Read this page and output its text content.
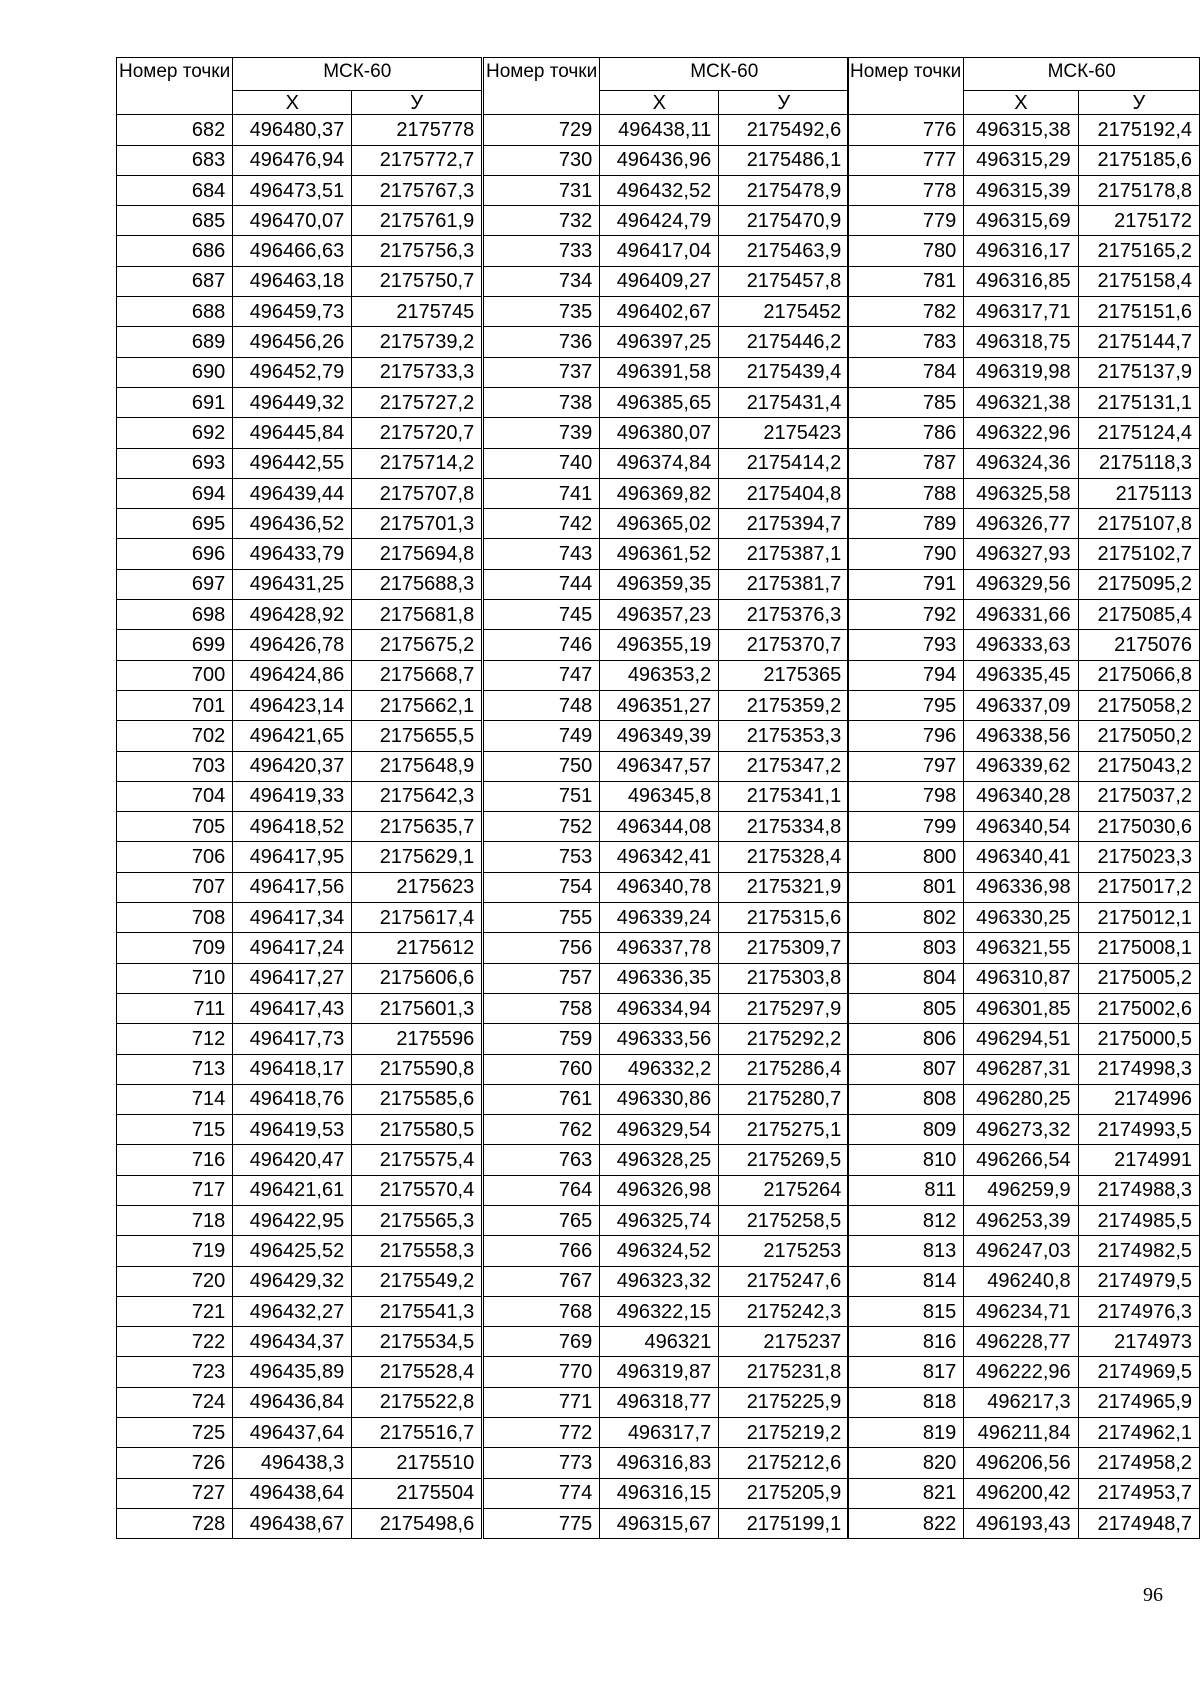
Номер точки	МСК-60	
	Х	У
682	496480,37	2175778
683	496476,94	2175772,7
684	496473,51	2175767,3
685	496470,07	2175761,9
686	496466,63	2175756,3
687	496463,18	2175750,7
688	496459,73	2175745
689	496456,26	2175739,2
690	496452,79	2175733,3
691	496449,32	2175727,2
692	496445,84	2175720,7
693	496442,55	2175714,2
694	496439,44	2175707,8
695	496436,52	2175701,3
696	496433,79	2175694,8
697	496431,25	2175688,3
698	496428,92	2175681,8
699	496426,78	2175675,2
700	496424,86	2175668,7
701	496423,14	2175662,1
702	496421,65	2175655,5
703	496420,37	2175648,9
704	496419,33	2175642,3
705	496418,52	2175635,7
706	496417,95	2175629,1
707	496417,56	2175623
708	496417,34	2175617,4
709	496417,24	2175612
710	496417,27	2175606,6
711	496417,43	2175601,3
712	496417,73	2175596
713	496418,17	2175590,8
714	496418,76	2175585,6
715	496419,53	2175580,5
716	496420,47	2175575,4
717	496421,61	2175570,4
718	496422,95	2175565,3
719	496425,52	2175558,3
720	496429,32	2175549,2
721	496432,27	2175541,3
722	496434,37	2175534,5
723	496435,89	2175528,4
724	496436,84	2175522,8
725	496437,64	2175516,7
726	496438,3	2175510
727	496438,64	2175504
728	496438,67	2175498,6
Номер точки	МСК-60	
	Х	У
729	496438,11	2175492,6
730	496436,96	2175486,1
731	496432,52	2175478,9
732	496424,79	2175470,9
733	496417,04	2175463,9
734	496409,27	2175457,8
735	496402,67	2175452
736	496397,25	2175446,2
737	496391,58	2175439,4
738	496385,65	2175431,4
739	496380,07	2175423
740	496374,84	2175414,2
741	496369,82	2175404,8
742	496365,02	2175394,7
743	496361,52	2175387,1
744	496359,35	2175381,7
745	496357,23	2175376,3
746	496355,19	2175370,7
747	496353,2	2175365
748	496351,27	2175359,2
749	496349,39	2175353,3
750	496347,57	2175347,2
751	496345,8	2175341,1
752	496344,08	2175334,8
753	496342,41	2175328,4
754	496340,78	2175321,9
755	496339,24	2175315,6
756	496337,78	2175309,7
757	496336,35	2175303,8
758	496334,94	2175297,9
759	496333,56	2175292,2
760	496332,2	2175286,4
761	496330,86	2175280,7
762	496329,54	2175275,1
763	496328,25	2175269,5
764	496326,98	2175264
765	496325,74	2175258,5
766	496324,52	2175253
767	496323,32	2175247,6
768	496322,15	2175242,3
769	496321	2175237
770	496319,87	2175231,8
771	496318,77	2175225,9
772	496317,7	2175219,2
773	496316,83	2175212,6
774	496316,15	2175205,9
775	496315,67	2175199,1
Номер точки	МСК-60	
	Х	У
776	496315,38	2175192,4
777	496315,29	2175185,6
778	496315,39	2175178,8
779	496315,69	2175172
780	496316,17	2175165,2
781	496316,85	2175158,4
782	496317,71	2175151,6
783	496318,75	2175144,7
784	496319,98	2175137,9
785	496321,38	2175131,1
786	496322,96	2175124,4
787	496324,36	2175118,3
788	496325,58	2175113
789	496326,77	2175107,8
790	496327,93	2175102,7
791	496329,56	2175095,2
792	496331,66	2175085,4
793	496333,63	2175076
794	496335,45	2175066,8
795	496337,09	2175058,2
796	496338,56	2175050,2
797	496339,62	2175043,2
798	496340,28	2175037,2
799	496340,54	2175030,6
800	496340,41	2175023,3
801	496336,98	2175017,2
802	496330,25	2175012,1
803	496321,55	2175008,1
804	496310,87	2175005,2
805	496301,85	2175002,6
806	496294,51	2175000,5
807	496287,31	2174998,3
808	496280,25	2174996
809	496273,32	2174993,5
810	496266,54	2174991
811	496259,9	2174988,3
812	496253,39	2174985,5
813	496247,03	2174982,5
814	496240,8	2174979,5
815	496234,71	2174976,3
816	496228,77	2174973
817	496222,96	2174969,5
818	496217,3	2174965,9
819	496211,84	2174962,1
820	496206,56	2174958,2
821	496200,42	2174953,7
822	496193,43	2174948,7
96
